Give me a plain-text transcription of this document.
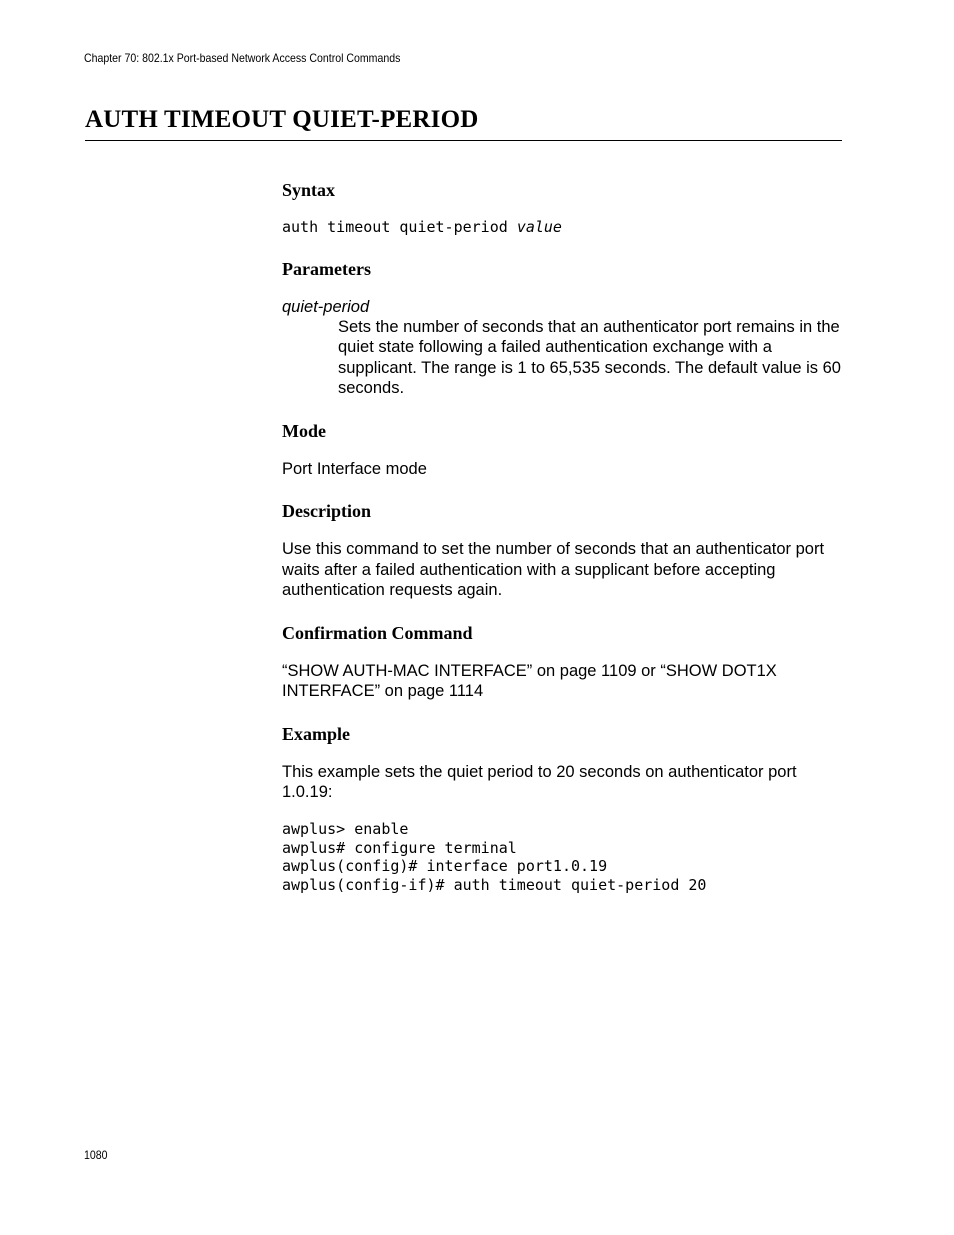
Chapter 70: 802.1x Port-based Network Access Control Commands
AUTH TIMEOUT QUIET-PERIOD
Syntax

auth timeout quiet-period value

Parameters

quiet-period

Sets the number of seconds that an authenticator port remains in the quiet state following a failed authentication exchange with a supplicant. The range is 1 to 65,535 seconds. The default value is 60 seconds.

Mode

Port Interface mode

Description

Use this command to set the number of seconds that an authenticator port waits after a failed authentication with a supplicant before accepting authentication requests again.

Confirmation Command

“SHOW AUTH-MAC INTERFACE” on page 1109 or “SHOW DOT1X INTERFACE” on page 1114

Example

This example sets the quiet period to 20 seconds on authenticator port 1.0.19:

awplus> enable

awplus# configure terminal

awplus(config)# interface port1.0.19

awplus(config-if)# auth timeout quiet-period 20

1080
